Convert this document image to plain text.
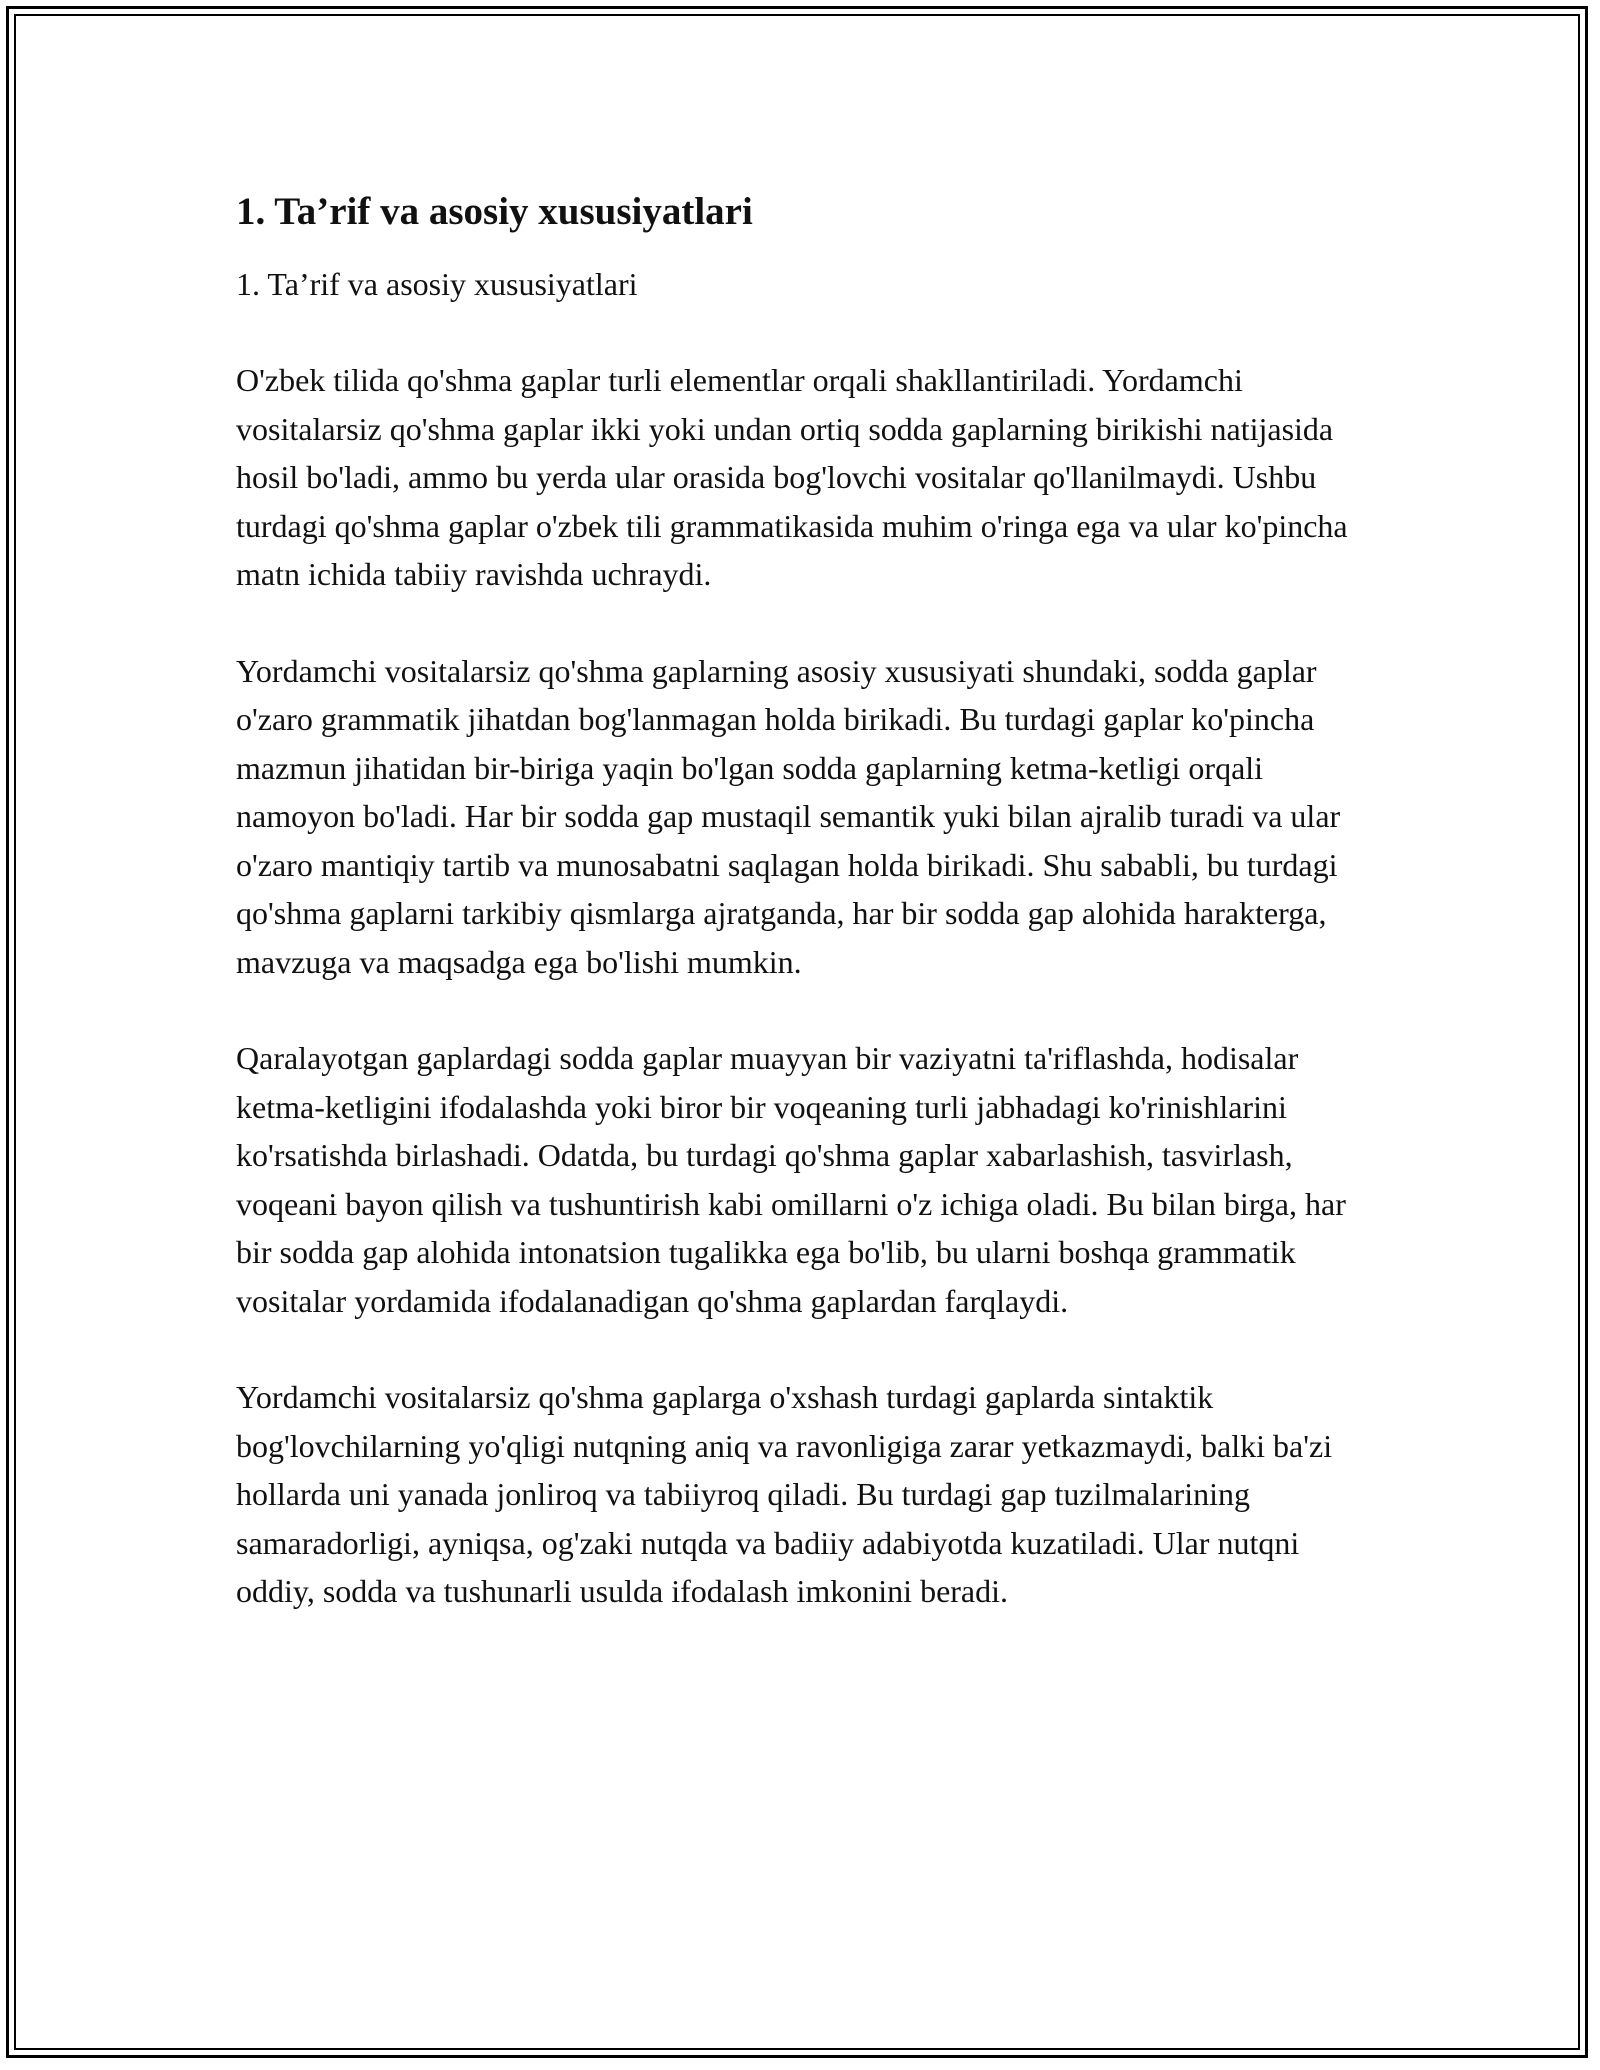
1. Ta’rif va asosiy xususiyatlari

1. Ta’rif va asosiy xususiyatlari

O'zbek tilida qo'shma gaplar turli elementlar orqali shakllantiriladi. Yordamchi vositalarsiz qo'shma gaplar ikki yoki undan ortiq sodda gaplarning birikishi natijasida hosil bo'ladi, ammo bu yerda ular orasida bog'lovchi vositalar qo'llanilmaydi. Ushbu turdagi qo'shma gaplar o'zbek tili grammatikasida muhim o'ringa ega va ular ko'pincha matn ichida tabiiy ravishda uchraydi.

Yordamchi vositalarsiz qo'shma gaplarning asosiy xususiyati shundaki, sodda gaplar o'zaro grammatik jihatdan bog'lanmagan holda birikadi. Bu turdagi gaplar ko'pincha mazmun jihatidan bir-biriga yaqin bo'lgan sodda gaplarning ketma-ketligi orqali namoyon bo'ladi. Har bir sodda gap mustaqil semantik yuki bilan ajralib turadi va ular o'zaro mantiqiy tartib va munosabatni saqlagan holda birikadi. Shu sababli, bu turdagi qo'shma gaplarni tarkibiy qismlarga ajratganda, har bir sodda gap alohida harakterga, mavzuga va maqsadga ega bo'lishi mumkin.

Qaralayotgan gaplardagi sodda gaplar muayyan bir vaziyatni ta'riflashda, hodisalar ketma-ketligini ifodalashda yoki biror bir voqeaning turli jabhadagi ko'rinishlarini ko'rsatishda birlashadi. Odatda, bu turdagi qo'shma gaplar xabarlashish, tasvirlash, voqeani bayon qilish va tushuntirish kabi omillarni o'z ichiga oladi. Bu bilan birga, har bir sodda gap alohida intonatsion tugalikka ega bo'lib, bu ularni boshqa grammatik vositalar yordamida ifodalanadigan qo'shma gaplardan farqlaydi.

Yordamchi vositalarsiz qo'shma gaplarga o'xshash turdagi gaplarda sintaktik bog'lovchilarning yo'qligi nutqning aniq va ravonligiga zarar yetkazmaydi, balki ba'zi hollarda uni yanada jonliroq va tabiiyroq qiladi. Bu turdagi gap tuzilmalarining samaradorligi, ayniqsa, og'zaki nutqda va badiiy adabiyotda kuzatiladi. Ular nutqni oddiy, sodda va tushunarli usulda ifodalash imkonini beradi.
